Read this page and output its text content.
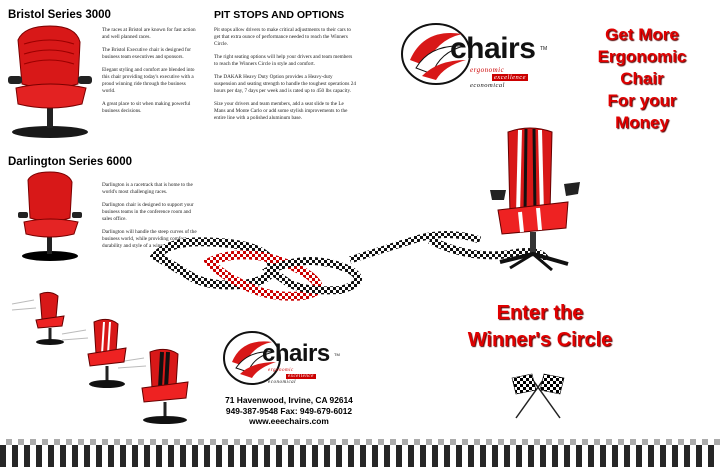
Bristol Series 3000

The races at Bristol are known for fast action and well planned races.

The Bristol Executive chair is designed for business team executives and sponsors.

Elegant styling and comfort are blended into this chair providing today's executive with a proud winning ride through the business world.

A great place to sit when making powerful business decisions.

Darlington Series 6000

Darlington is a racetrack that is home to the world's most challenging races.

Darlington chair is designed to support your business teams in the conference room and sales office.

Darlington will handle the steep curves of the business world, while providing comfort, durability and style of a winner.

PIT STOPS AND OPTIONS

Pit stops allow drivers to make critical adjustments to their cars to get that extra ounce of performance needed to reach the Winners Circle.

The right seating options will help your drivers and team members to reach the Winners Circle in style and comfort.

The DAKAR Heavy Duty Option provides a Heavy-duty suspension and seating strength to handle the toughest operations 24 hours per day, 7 days per week and is rated up to 450 lbs capacity.

Size your drivers and team members, add a seat slide to the Le Mans and Monte Carlo or add some stylish improvements to the entire line with a polished aluminum base.

chairs TM
ergonomic
excellence
economical
71 Havenwood, Irvine, CA 92614
949-387-9548 Fax: 949-679-6012
www.eeechairs.com
chairs TM
ergonomic
excellence
economical
Get More
Ergonomic
Chair
For your
Money
Enter the
Winner's Circle
